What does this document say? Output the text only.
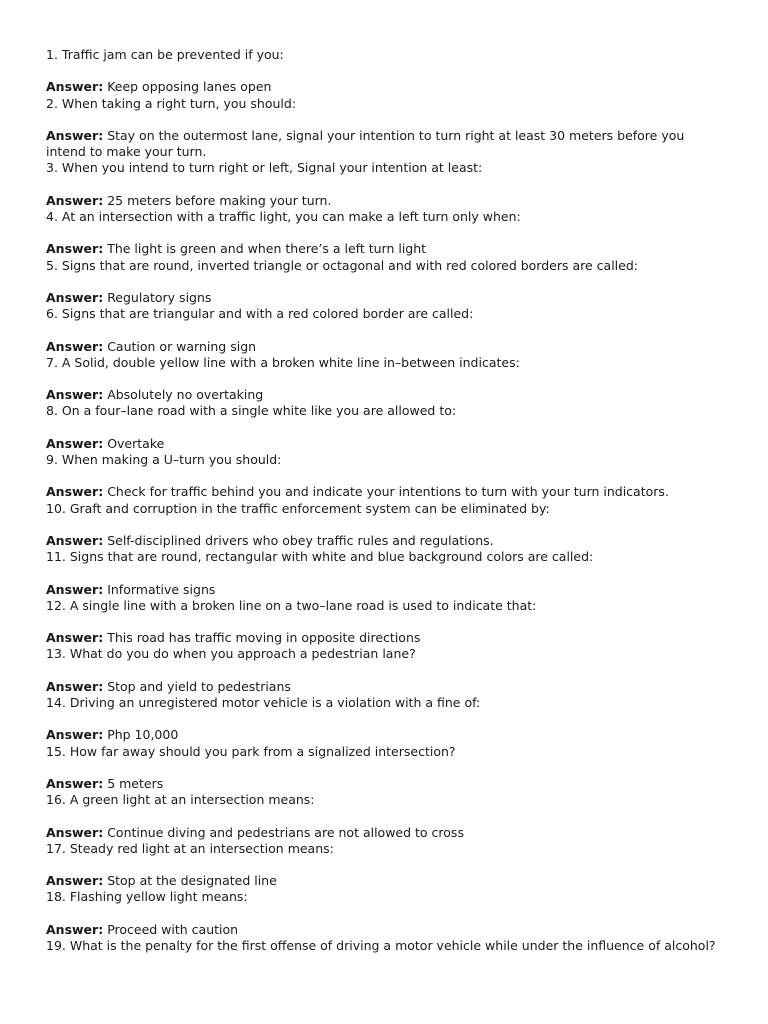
1. Traffic jam can be prevented if you:

Answer: Keep opposing lanes open

2. When taking a right turn, you should:

Answer: Stay on the outermost lane, signal your intention to turn right at least 30 meters before you intend to make your turn.

3. When you intend to turn right or left, Signal your intention at least:

Answer: 25 meters before making your turn.

4. At an intersection with a traffic light, you can make a left turn only when:

Answer: The light is green and when there’s a left turn light

5. Signs that are round, inverted triangle or octagonal and with red colored borders are called:

Answer: Regulatory signs

6. Signs that are triangular and with a red colored border are called:

Answer: Caution or warning sign

7. A Solid, double yellow line with a broken white line in–between indicates:

Answer: Absolutely no overtaking

8. On a four–lane road with a single white like you are allowed to:

Answer: Overtake

9. When making a U–turn you should:

Answer: Check for traffic behind you and indicate your intentions to turn with your turn indicators.

10. Graft and corruption in the traffic enforcement system can be eliminated by:

Answer: Self-disciplined drivers who obey traffic rules and regulations.

11. Signs that are round, rectangular with white and blue background colors are called:

Answer: Informative signs

12. A single line with a broken line on a two–lane road is used to indicate that:

Answer: This road has traffic moving in opposite directions

13. What do you do when you approach a pedestrian lane?

Answer: Stop and yield to pedestrians

14. Driving an unregistered motor vehicle is a violation with a fine of:

Answer: Php 10,000

15. How far away should you park from a signalized intersection?

Answer: 5 meters

16. A green light at an intersection means:

Answer: Continue diving and pedestrians are not allowed to cross

17. Steady red light at an intersection means:

Answer: Stop at the designated line

18. Flashing yellow light means:

Answer: Proceed with caution

19. What is the penalty for the first offense of driving a motor vehicle while under the influence of alcohol?
